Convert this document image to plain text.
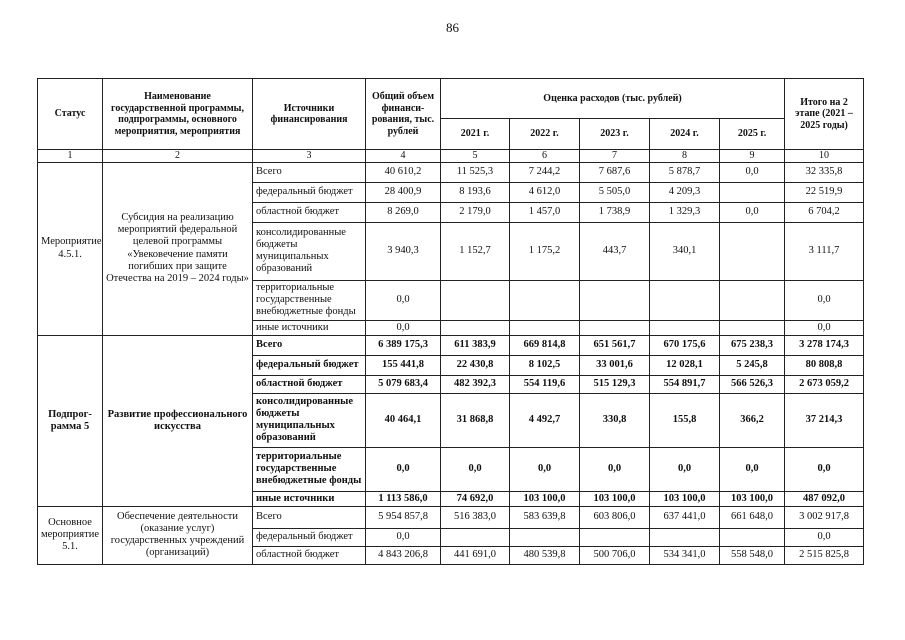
86
Статус	Наименование государственной программы, подпрограммы, основного мероприятия, мероприятия	Источники финансирования	Общий объем финанси-рования, тыс. рублей	Оценка расходов (тыс. рублей)					Итого на 2 этапе (2021 – 2025 годы)
				2021 г.	2022 г.	2023 г.	2024 г.	2025 г.	
1	2	3	4	5	6	7	8	9	10
Мероприятие 4.5.1.	Субсидия на реализацию мероприятий федеральной целевой программы «Увековечение памяти погибших при защите Отечества на 2019 – 2024 годы»	Всего	40 610,2	11 525,3	7 244,2	7 687,6	5 878,7	0,0	32 335,8
		федеральный бюджет	28 400,9	8 193,6	4 612,0	5 505,0	4 209,3		22 519,9
		областной бюджет	8 269,0	2 179,0	1 457,0	1 738,9	1 329,3	0,0	6 704,2
		консолидированные бюджеты муниципальных образований	3 940,3	1 152,7	1 175,2	443,7	340,1		3 111,7
		территориальные государственные внебюджетные фонды	0,0						0,0
		иные источники	0,0						0,0
Подпрог-рамма 5	Развитие профессионального искусства	Всего	6 389 175,3	611 383,9	669 814,8	651 561,7	670 175,6	675 238,3	3 278 174,3
		федеральный бюджет	155 441,8	22 430,8	8 102,5	33 001,6	12 028,1	5 245,8	80 808,8
		областной бюджет	5 079 683,4	482 392,3	554 119,6	515 129,3	554 891,7	566 526,3	2 673 059,2
		консолидированные бюджеты муниципальных образований	40 464,1	31 868,8	4 492,7	330,8	155,8	366,2	37 214,3
		территориальные государственные внебюджетные фонды	0,0	0,0	0,0	0,0	0,0	0,0	0,0
		иные источники	1 113 586,0	74 692,0	103 100,0	103 100,0	103 100,0	103 100,0	487 092,0
Основное мероприятие 5.1.	Обеспечение деятельности (оказание услуг) государственных учреждений (организаций)	Всего	5 954 857,8	516 383,0	583 639,8	603 806,0	637 441,0	661 648,0	3 002 917,8
		федеральный бюджет	0,0						0,0
		областной бюджет	4 843 206,8	441 691,0	480 539,8	500 706,0	534 341,0	558 548,0	2 515 825,8
